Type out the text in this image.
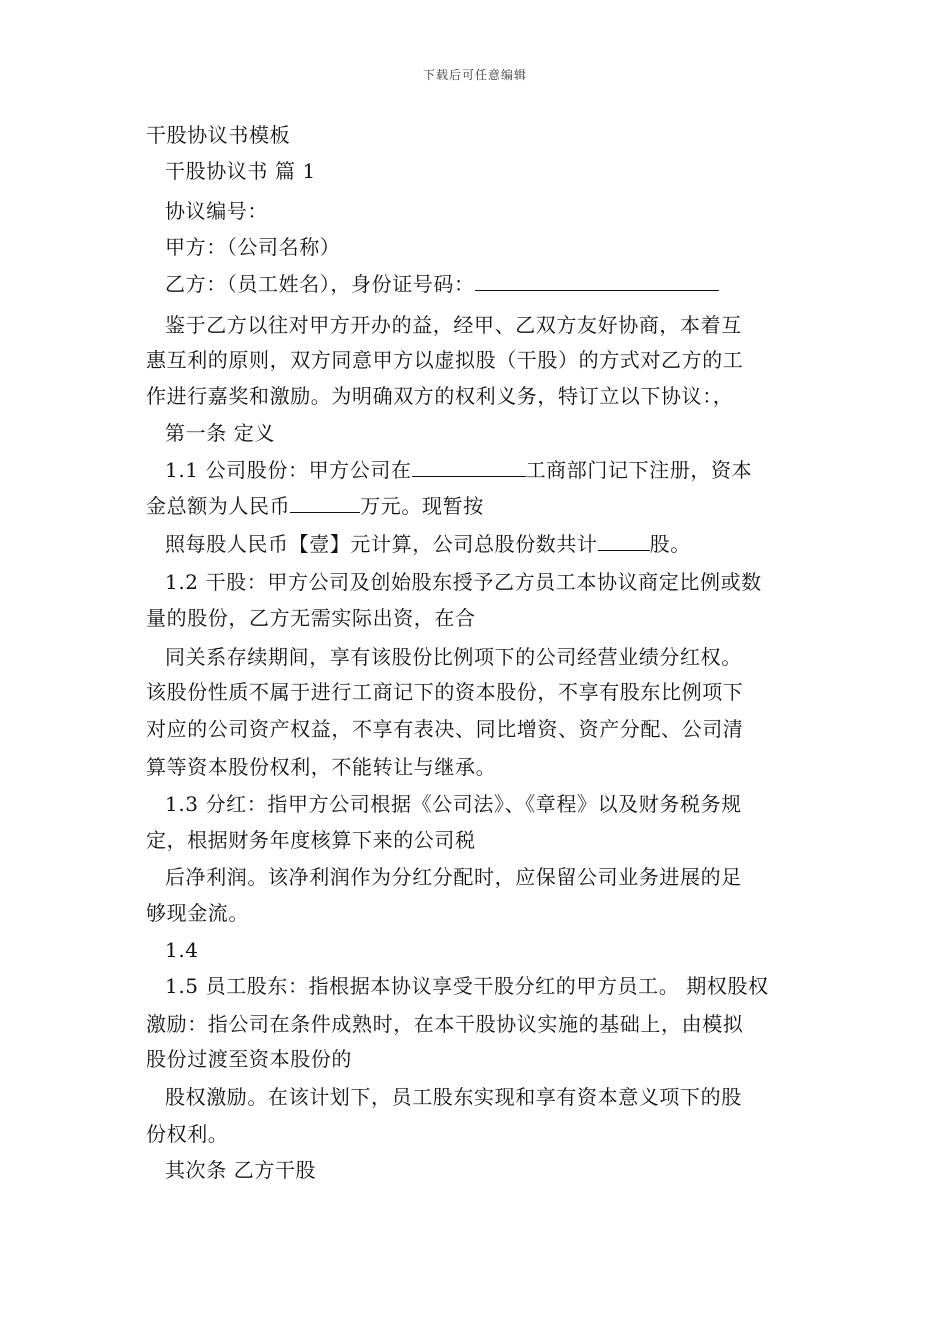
下载后可任意编辑
干股协议书模板
干股协议书 篇 1
协议编号：
甲方：（公司名称）
乙方：（员工姓名），身份证号码：
鉴于乙方以往对甲方开办的益，经甲、乙双方友好协商，本着互
惠互利的原则，双方同意甲方以虚拟股（干股）的方式对乙方的工
作进行嘉奖和激励。为明确双方的权利义务，特订立以下协议：，
第一条 定义
1.1 公司股份：甲方公司在	工商部门记下注册，资本
金总额为人民币	万元。现暂按
照每股人民币【壹】元计算，公司总股份数共计	股。
1.2 干股：甲方公司及创始股东授予乙方员工本协议商定比例或数
量的股份，乙方无需实际出资，在合
同关系存续期间，享有该股份比例项下的公司经营业绩分红权。
该股份性质不属于进行工商记下的资本股份，不享有股东比例项下
对应的公司资产权益，不享有表决、同比增资、资产分配、公司清
算等资本股份权利，不能转让与继承。
1.3 分红：指甲方公司根据《公司法》、《章程》以及财务税务规
定，根据财务年度核算下来的公司税
后净利润。该净利润作为分红分配时，应保留公司业务进展的足
够现金流。
1.4
1.5 员工股东：指根据本协议享受干股分红的甲方员工。 期权股权
激励：指公司在条件成熟时，在本干股协议实施的基础上，由模拟
股份过渡至资本股份的
股权激励。在该计划下，员工股东实现和享有资本意义项下的股
份权利。
其次条 乙方干股
